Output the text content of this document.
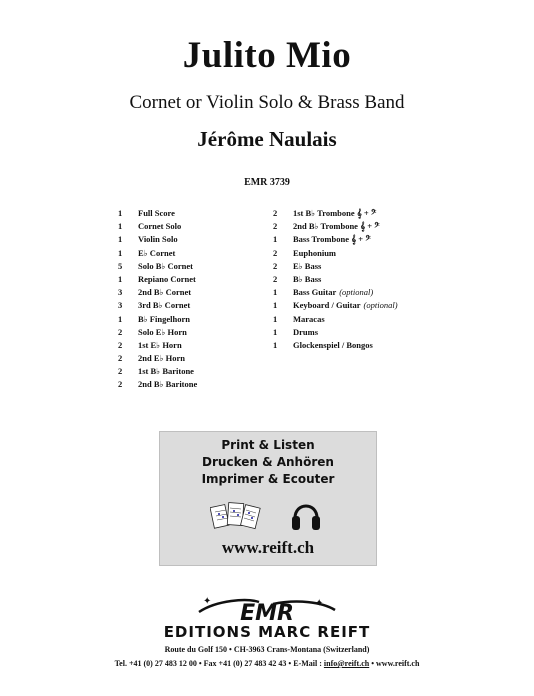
Julito Mio
Cornet or Violin Solo & Brass Band
Jérôme Naulais
EMR 3739
1	Full Score
1	Cornet Solo
1	Violin Solo
1	E♭ Cornet
5	Solo B♭ Cornet
1	Repiano Cornet
3	2nd B♭ Cornet
3	3rd B♭ Cornet
1	B♭ Fingelhorn
2	Solo E♭ Horn
2	1st E♭ Horn
2	2nd E♭ Horn
2	1st B♭ Baritone
2	2nd B♭ Baritone
2	1st B♭ Trombone 𝄞 + 𝄢
2	2nd B♭ Trombone 𝄞 + 𝄢
1	Bass Trombone 𝄞 + 𝄢
2	Euphonium
2	E♭ Bass
2	B♭ Bass
1	Bass Guitar (optional)
1	Keyboard / Guitar (optional)
1	Maracas
1	Drums
1	Glockenspiel / Bongos
Print & Listen
Drucken & Anhören
Imprimer & Ecouter
www.reift.ch
✦	✦
EMR
EDITIONS MARC REIFT
Route du Golf 150 • CH-3963 Crans-Montana (Switzerland)
Tel. +41 (0) 27 483 12 00 • Fax +41 (0) 27 483 42 43 • E-Mail : info@reift.ch • www.reift.ch
